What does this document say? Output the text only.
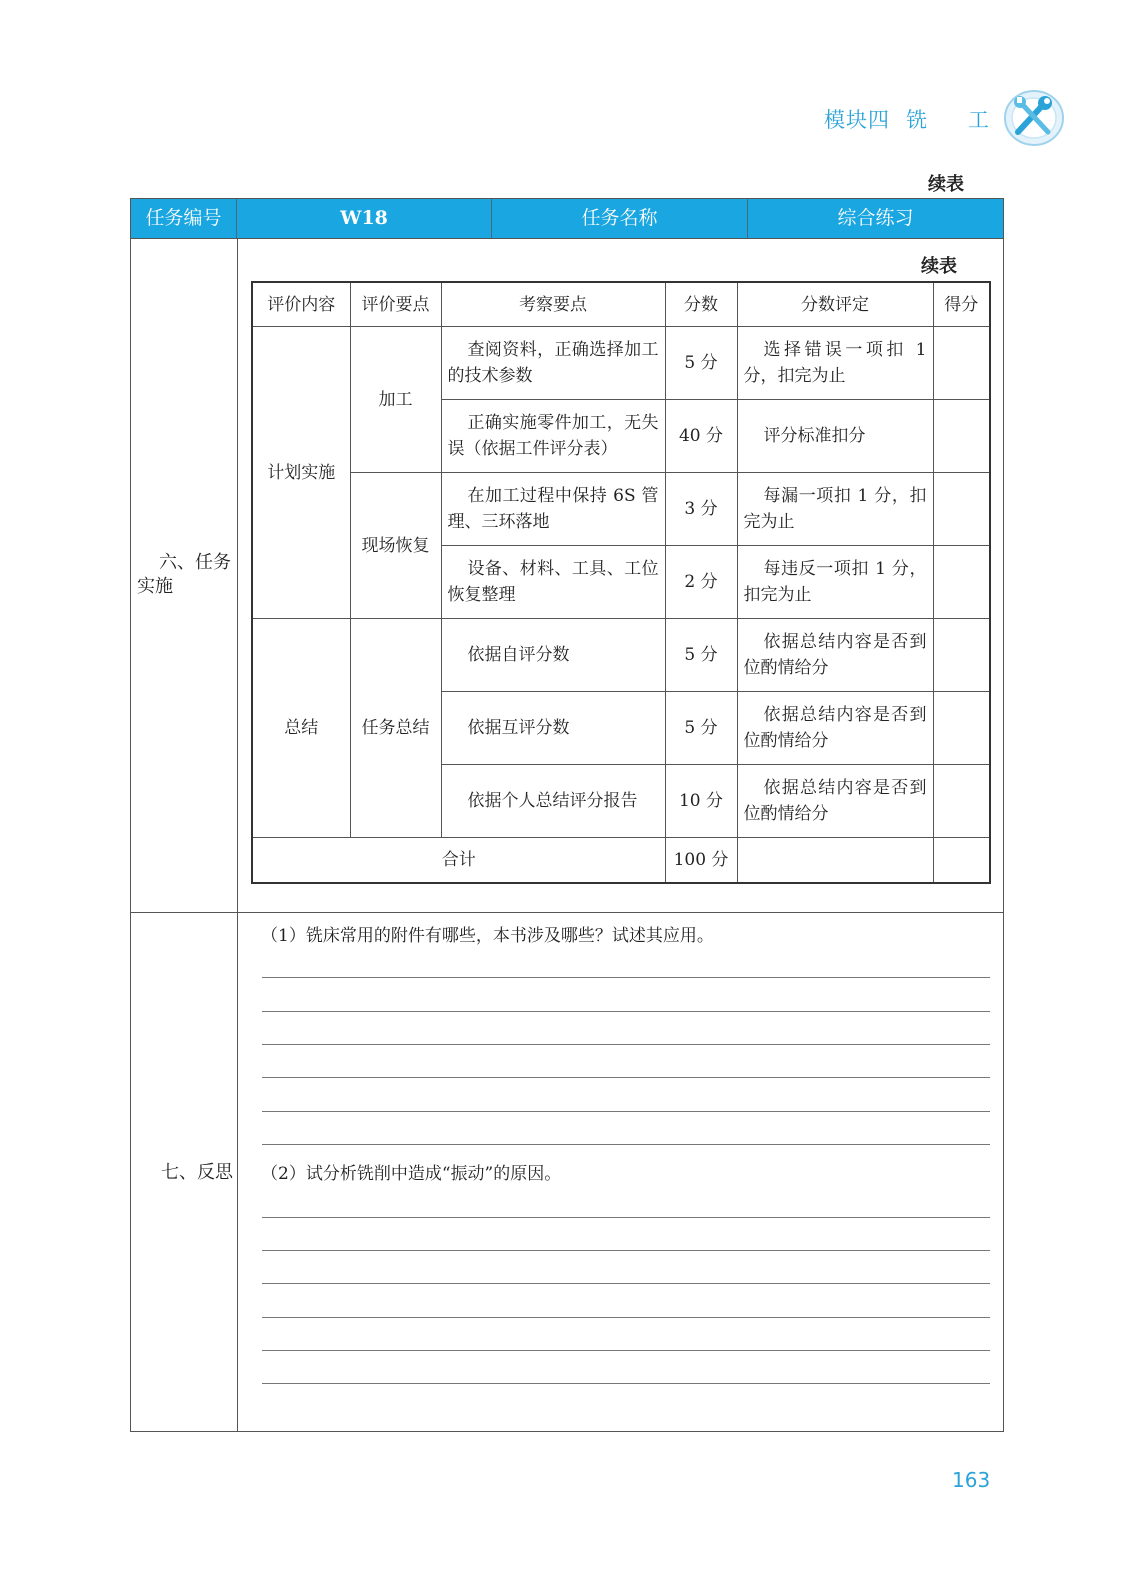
模块四 铣 工
续表
任务编号	W18	任务名称	综合练习
六、任务
实施
续表
评价内容	评价要点	考察要点	分数	分数评定	得分
计划实施	加工	查阅资料，正确选择加工的技术参数	5 分	选择错误一项扣 1 分，扣完为止	
		正确实施零件加工，无失误（依据工件评分表）	40 分	评分标准扣分	
	现场恢复	在加工过程中保持 6S 管理、三环落地	3 分	每漏一项扣 1 分，扣完为止	
		设备、材料、工具、工位恢复整理	2 分	每违反一项扣 1 分，扣完为止	
总结	任务总结	依据自评分数	5 分	依据总结内容是否到位酌情给分	
		依据互评分数	5 分	依据总结内容是否到位酌情给分	
		依据个人总结评分报告	10 分	依据总结内容是否到位酌情给分	
合计			100 分		
七、反思
（1）铣床常用的附件有哪些，本书涉及哪些？试述其应用。
（2）试分析铣削中造成“振动”的原因。
163
